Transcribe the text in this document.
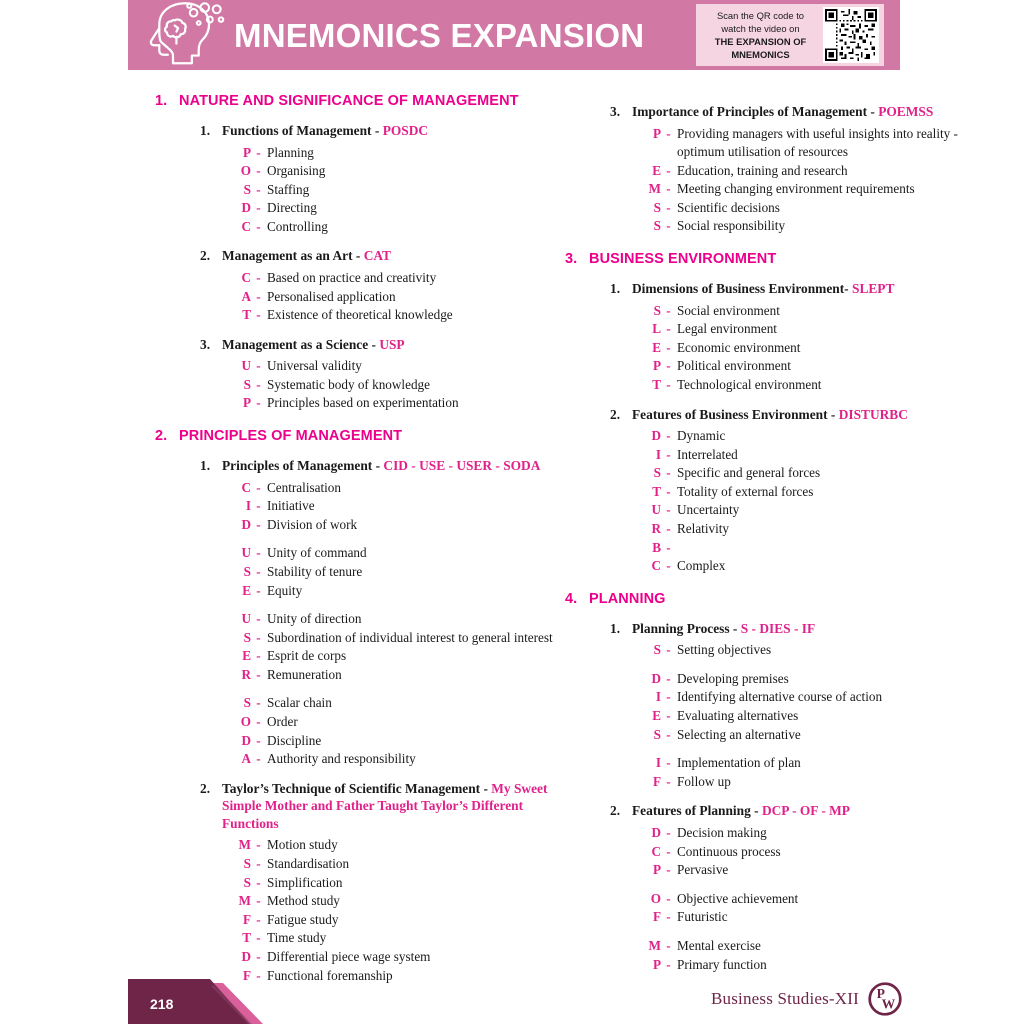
MNEMONICS EXPANSION
Scan the QR code to
watch the video on
THE EXPANSION OF
MNEMONICS
1. NATURE AND SIGNIFICANCE OF MANAGEMENT
1. Functions of Management - POSDC
P - Planning
O - Organising
S - Staffing
D - Directing
C - Controlling
2. Management as an Art - CAT
C - Based on practice and creativity
A - Personalised application
T - Existence of theoretical knowledge
3. Management as a Science - USP
U - Universal validity
S - Systematic body of knowledge
P - Principles based on experimentation
2. PRINCIPLES OF MANAGEMENT
1. Principles of Management - CID - USE - USER - SODA
C - Centralisation
I - Initiative
D - Division of work
U - Unity of command
S - Stability of tenure
E - Equity
U - Unity of direction
S - Subordination of individual interest to general interest
E - Esprit de corps
R - Remuneration
S - Scalar chain
O - Order
D - Discipline
A - Authority and responsibility
2. Taylor’s Technique of Scientific Management - My Sweet Simple Mother and Father Taught Taylor’s Different Functions
M - Motion study
S - Standardisation
S - Simplification
M - Method study
F - Fatigue study
T - Time study
D - Differential piece wage system
F - Functional foremanship
3. Importance of Principles of Management - POEMSS
P - Providing managers with useful insights into reality - optimum utilisation of resources
E - Education, training and research
M - Meeting changing environment requirements
S - Scientific decisions
S - Social responsibility
3. BUSINESS ENVIRONMENT
1. Dimensions of Business Environment- SLEPT
S - Social environment
L - Legal environment
E - Economic environment
P - Political environment
T - Technological environment
2. Features of Business Environment - DISTURBC
D - Dynamic
I - Interrelated
S - Specific and general forces
T - Totality of external forces
U - Uncertainty
R - Relativity
B -
C - Complex
4. PLANNING
1. Planning Process - S - DIES - IF
S - Setting objectives
D - Developing premises
I - Identifying alternative course of action
E - Evaluating alternatives
S - Selecting an alternative
I - Implementation of plan
F - Follow up
2. Features of Planning - DCP - OF - MP
D - Decision making
C - Continuous process
P - Pervasive
O - Objective achievement
F - Futuristic
M - Mental exercise
P - Primary function
218	Business Studies-XII P
W
